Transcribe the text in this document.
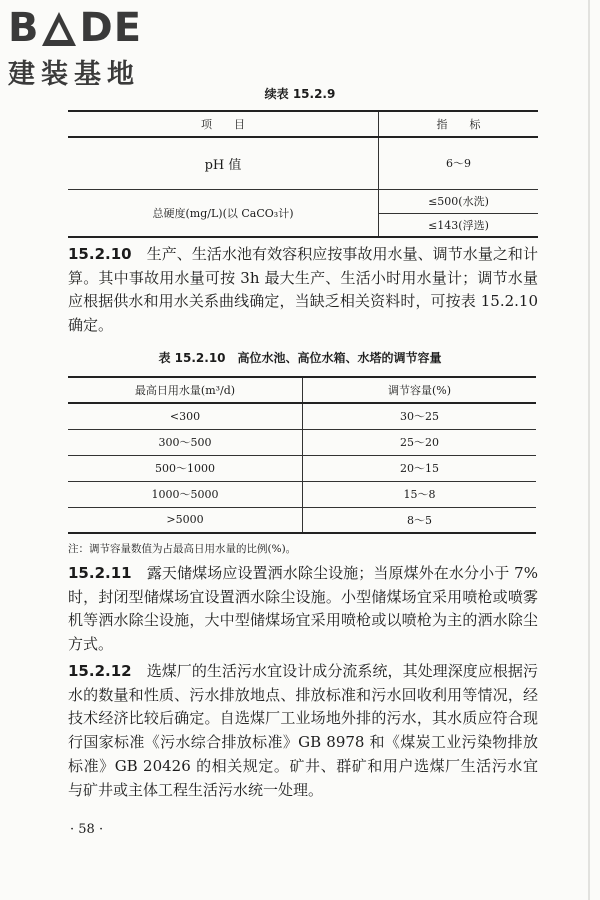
B DE
建装基地
续表 15.2.9
项　　目	指　　标
pH 值	6～9
总硬度(mg/L)(以 CaCO₃计)	≤500(水洗)
	≤143(浮选)
15.2.10　 生产、生活水池有效容积应按事故用水量、调节水量之和计算。其中事故用水量可按 3h 最大生产、生活小时用水量计；调节水量应根据供水和用水关系曲线确定，当缺乏相关资料时，可按表 15.2.10 确定。
表 15.2.10　高位水池、高位水箱、水塔的调节容量
最高日用水量(m³/d)	调节容量(%)
<300	30～25
300～500	25～20
500～1000	20～15
1000～5000	15～8
>5000	8～5
注：调节容量数值为占最高日用水量的比例(%)。
15.2.11　 露天储煤场应设置洒水除尘设施；当原煤外在水分小于 7%时，封闭型储煤场宜设置洒水除尘设施。小型储煤场宜采用喷枪或喷雾机等洒水除尘设施，大中型储煤场宜采用喷枪或以喷枪为主的洒水除尘方式。
15.2.12　 选煤厂的生活污水宜设计成分流系统，其处理深度应根据污水的数量和性质、污水排放地点、排放标准和污水回收利用等情况，经技术经济比较后确定。自选煤厂工业场地外排的污水，其水质应符合现行国家标准《污水综合排放标准》GB 8978 和《煤炭工业污染物排放标准》GB 20426 的相关规定。矿井、群矿和用户选煤厂生活污水宜与矿井或主体工程生活污水统一处理。
· 58 ·
